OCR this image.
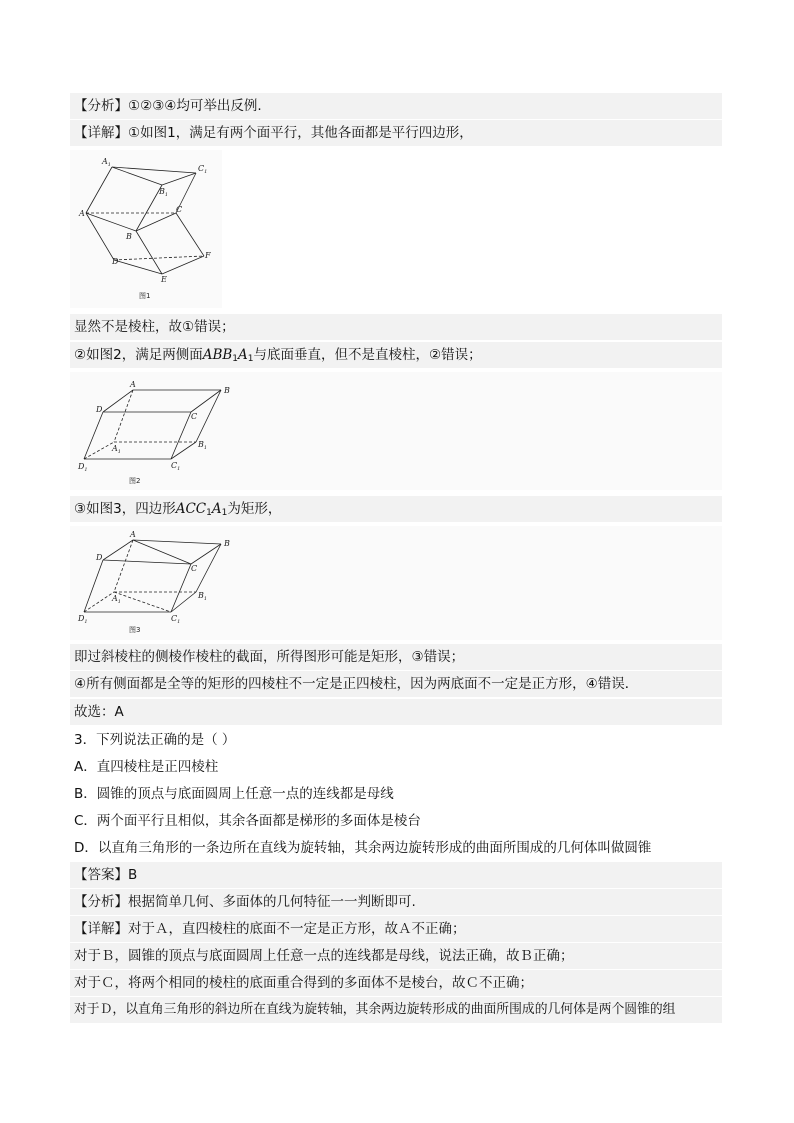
【分析】①②③④均可举出反例.
【详解】①如图1，满足有两个面平行，其他各面都是平行四边形，
$A_1$	$C_1$
$B_1$
A	C
B
D
E
F
图1
显然不是棱柱，故①错误；
②如图2，满足两侧面$ABB_1A_1$与底面垂直，但不是直棱柱，②错误；
A
B
D
C
$A_1$
$B_1$
$D_1$	$C_1$
图2
③如图3，四边形$ACC_1A_1$为矩形，
A
B
D
C
$A_1$
$B_1$
$D_1$	$C_1$
图3
即过斜棱柱的侧棱作棱柱的截面，所得图形可能是矩形，③错误；
④所有侧面都是全等的矩形的四棱柱不一定是正四棱柱，因为两底面不一定是正方形，④错误．
故选：A
3．下列说法正确的是（ ）
A．直四棱柱是正四棱柱
B．圆锥的顶点与底面圆周上任意一点的连线都是母线
C．两个面平行且相似，其余各面都是梯形的多面体是棱台
D．以直角三角形的一条边所在直线为旋转轴，其余两边旋转形成的曲面所围成的几何体叫做圆锥
【答案】B
【分析】根据简单几何、多面体的几何特征一一判断即可.
【详解】对于Ａ，直四棱柱的底面不一定是正方形，故Ａ不正确；
对于Ｂ，圆锥的顶点与底面圆周上任意一点的连线都是母线，说法正确，故Ｂ正确；
对于Ｃ，将两个相同的棱柱的底面重合得到的多面体不是棱台，故Ｃ不正确；
对于Ｄ，以直角三角形的斜边所在直线为旋转轴，其余两边旋转形成的曲面所围成的几何体是两个圆锥的组
